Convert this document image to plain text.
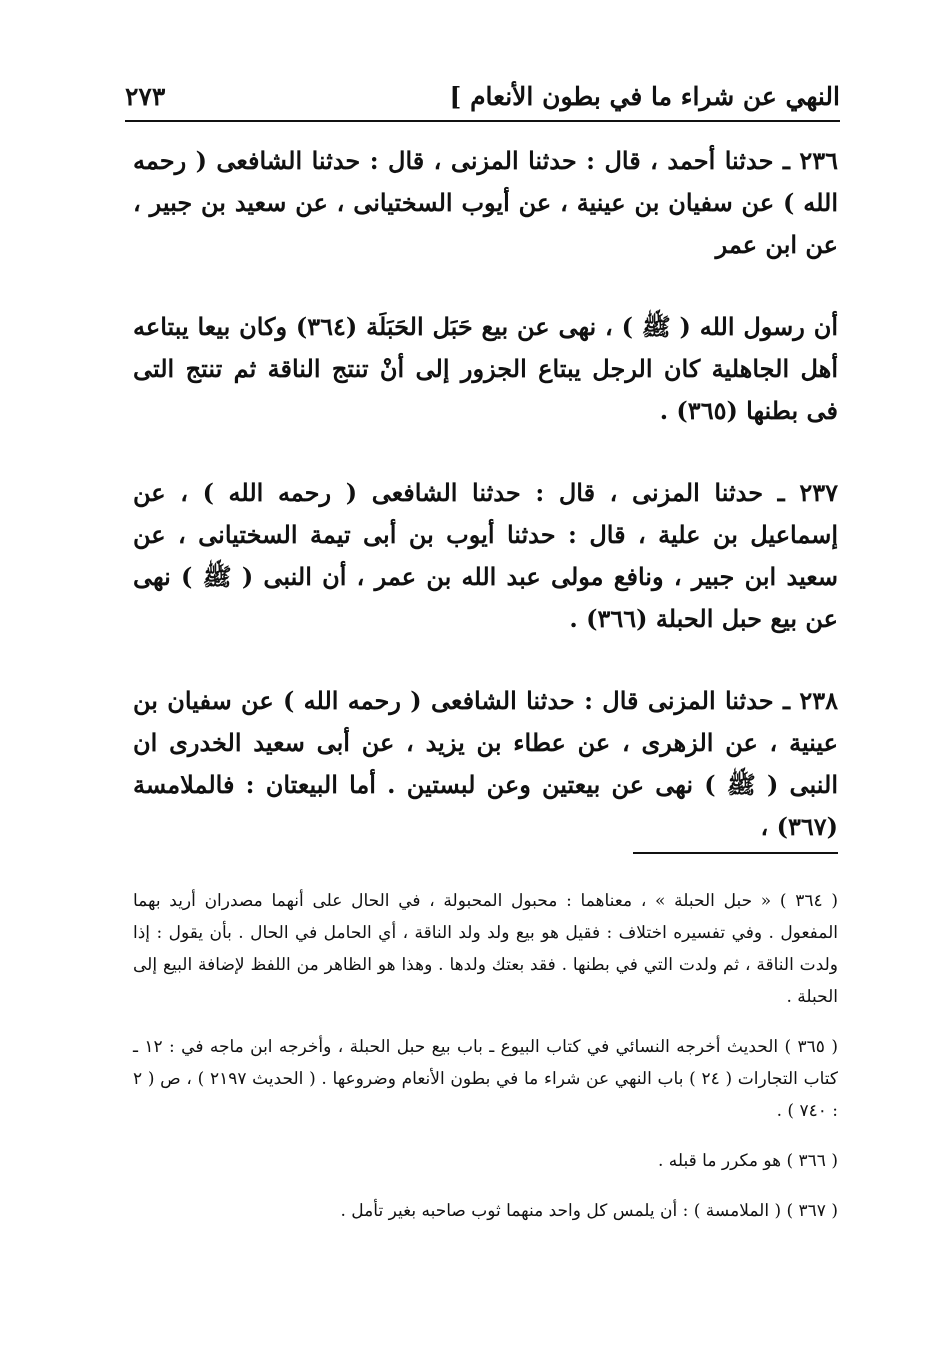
النهي عن شراء ما في بطون الأنعام ]
٢٧٣

٢٣٦ ـ حدثنا أحمد ، قال : حدثنا المزنى ، قال : حدثنا الشافعى ( رحمه الله ) عن سفيان بن عينية ، عن أيوب السختيانى ، عن سعيد بن جبير ، عن ابن عمر

أن رسول الله ( ﷺ ) ، نهى عن بيع حَبَل الحَبَلَة (٣٦٤) وكان بيعا يبتاعه أهل الجاهلية كان الرجل يبتاع الجزور إلى أنْ تنتج الناقة ثم تنتج التى فى بطنها (٣٦٥) .

٢٣٧ ـ حدثنا المزنى ، قال : حدثنا الشافعى ( رحمه الله ) ، عن إسماعيل بن علية ، قال : حدثنا أيوب بن أبى تيمة السختيانى ، عن سعيد ابن جبير ، ونافع مولى عبد الله بن عمر ، أن النبى ( ﷺ ) نهى عن بيع حبل الحبلة (٣٦٦) .

٢٣٨ ـ حدثنا المزنى قال : حدثنا الشافعى ( رحمه الله ) عن سفيان بن عينية ، عن الزهرى ، عن عطاء بن يزيد ، عن أبى سعيد الخدرى ان النبى ( ﷺ ) نهى عن بيعتين وعن لبستين . أما البيعتان : فالملامسة (٣٦٧) ،

( ٣٦٤ ) « حبل الحبلة » ، معناهما : محبول المحبولة ، في الحال على أنهما مصدران أريد بهما المفعول . وفي تفسيره اختلاف : فقيل هو بيع ولد ولد الناقة ، أي الحامل في الحال . بأن يقول : إذا ولدت الناقة ، ثم ولدت التي في بطنها . فقد بعتك ولدها . وهذا هو الظاهر من اللفظ لإضافة البيع إلى الحبلة .

( ٣٦٥ ) الحديث أخرجه النسائي في كتاب البيوع ـ باب بيع حبل الحبلة ، وأخرجه ابن ماجه في : ١٢ ـ كتاب التجارات ( ٢٤ ) باب النهي عن شراء ما في بطون الأنعام وضروعها . ( الحديث ٢١٩٧ ) ، ص ( ٢ : ٧٤٠ ) .

( ٣٦٦ ) هو مكرر ما قبله .

( ٣٦٧ ) ( الملامسة ) : أن يلمس كل واحد منهما ثوب صاحبه بغير تأمل .
